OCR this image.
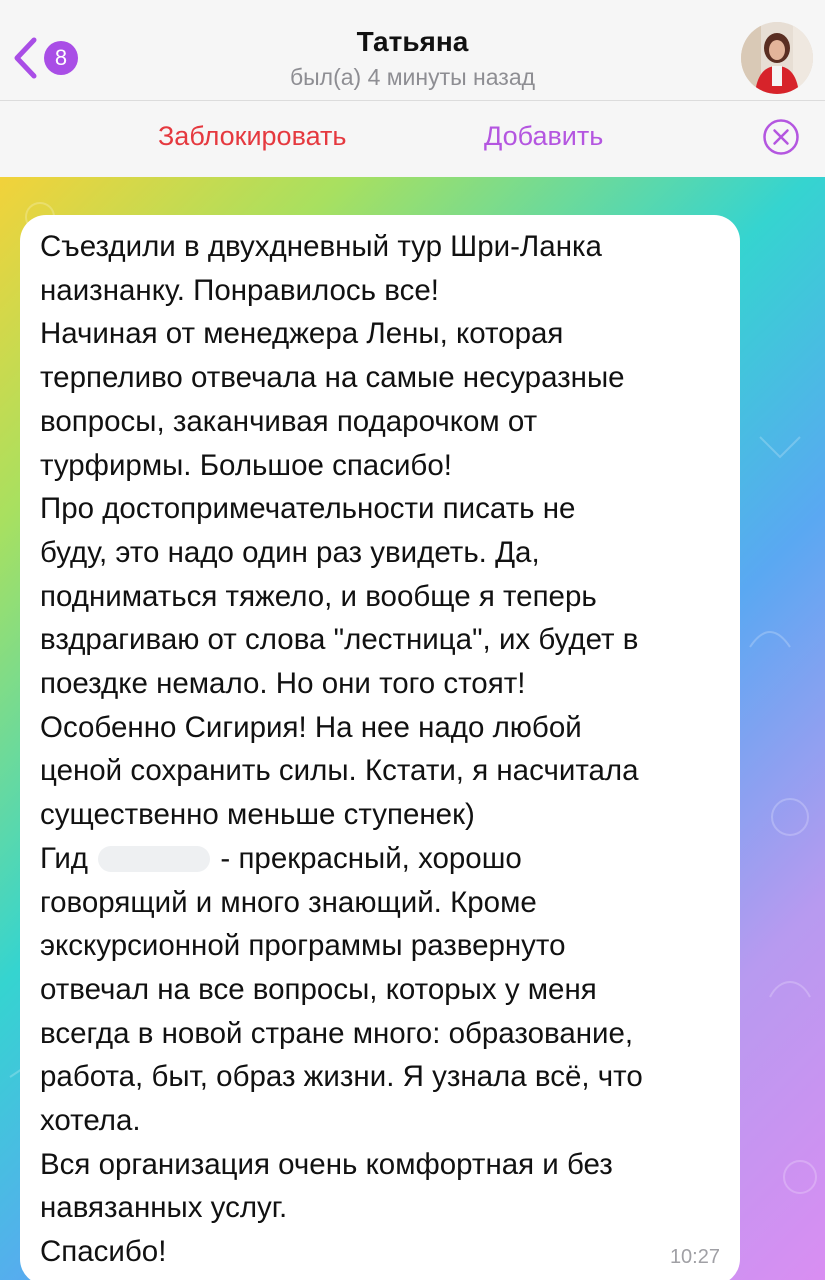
8
Татьяна
был(а) 4 минуты назад
Заблокировать	Добавить
Съездили в двухдневный тур Шри-Ланка
наизнанку. Понравилось все!
Начиная от менеджера Лены, которая
терпеливо отвечала на самые несуразные
вопросы, заканчивая подарочком от
турфирмы. Большое спасибо!
Про достопримечательности писать не
буду, это надо один раз увидеть. Да,
подниматься тяжело, и вообще я теперь
вздрагиваю от слова "лестница", их будет в
поездке немало. Но они того стоят!
Особенно Сигирия! На нее надо любой
ценой сохранить силы. Кстати, я насчитала
существенно меньше ступенек)
Гид	- прекрасный, хорошо
говорящий и много знающий. Кроме
экскурсионной программы развернуто
отвечал на все вопросы, которых у меня
всегда в новой стране много: образование,
работа, быт, образ жизни. Я узнала всё, что
хотела.
Вся организация очень комфортная и без
навязанных услуг.
Спасибо!	10:27
